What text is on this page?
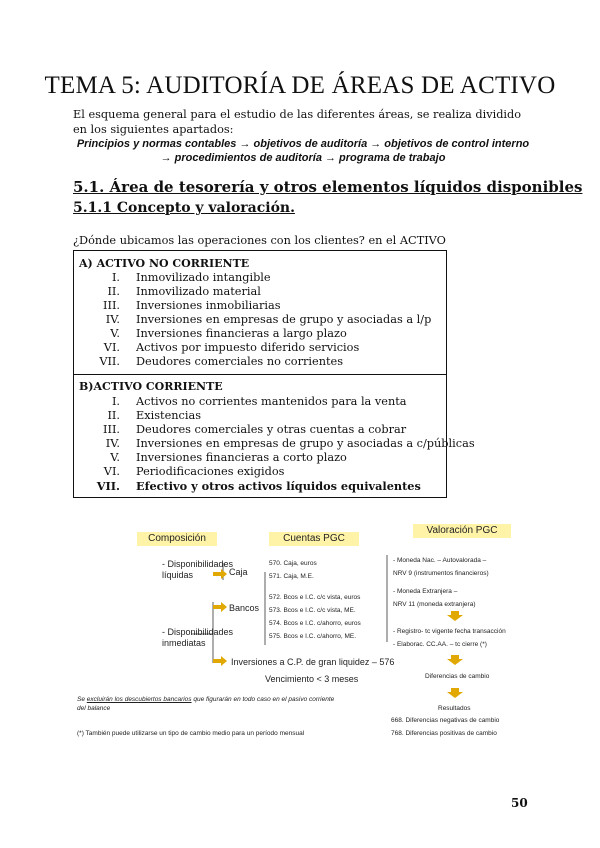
TEMA 5: AUDITORÍA DE ÁREAS DE ACTIVO
El esquema general para el estudio de las diferentes áreas, se realiza dividido en los siguientes apartados:
Principios y normas contables → objetivos de auditoría → objetivos de control interno
→ procedimientos de auditoría → programa de trabajo
5.1. Área de tesorería y otros elementos líquidos disponibles
5.1.1 Concepto y valoración.
¿Dónde ubicamos las operaciones con los clientes? en el ACTIVO
A) ACTIVO NO CORRIENTE
I. Inmovilizado intangible
II. Inmovilizado material
III. Inversiones inmobiliarias
IV. Inversiones en empresas de grupo y asociadas a l/p
V. Inversiones financieras a largo plazo
VI. Activos por impuesto diferido servicios
VII. Deudores comerciales no corrientes
B)ACTIVO CORRIENTE
I. Activos no corrientes mantenidos para la venta
II. Existencias
III. Deudores comerciales y otras cuentas a cobrar
IV. Inversiones en empresas de grupo y asociadas a c/públicas
V. Inversiones financieras a corto plazo
VI. Periodificaciones exigidos
VII. Efectivo y otros activos líquidos equivalentes
Composición	Cuentas PGC
Valoración PGC
- Disponibilidades
líquidas	Caja
570. Caja, euros
571. Caja, M.E.
Bancos
572. Bcos e I.C. c/c vista, euros
573. Bcos e I.C. c/c vista, ME.
574. Bcos e I.C. c/ahorro, euros
575. Bcos e I.C. c/ahorro, ME.
- Disponibilidades
inmediatas
Inversiones a C.P. de gran liquidez – 576
Vencimiento < 3 meses
- Moneda Nac. – Autovalorada –
NRV 9 (instrumentos financieros)
- Moneda Extranjera –
NRV 11 (moneda extranjera)
- Registro- tc vigente fecha transacción
- Elaborac. CC.AA. – tc cierre (*)
Diferencias de cambio
Resultados
668. Diferencias negativas de cambio
768. Diferencias positivas de cambio
Se excluirán los descubiertos bancarios que figurarán en todo caso en el pasivo corriente
del balance
(*) También puede utilizarse un tipo de cambio medio para un período mensual
50
